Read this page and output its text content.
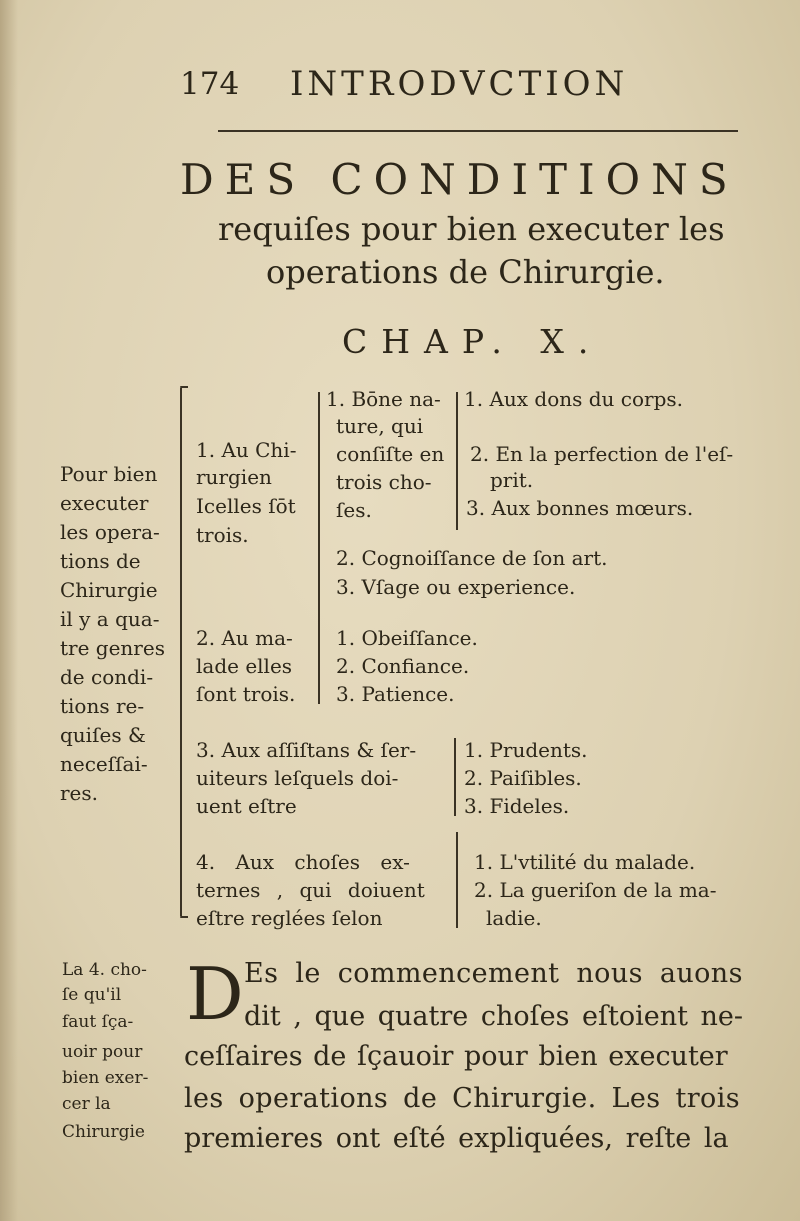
174 INTRODVCTION
DES CONDITIONS
requiſes pour bien executer les
operations de Chirurgie.
CHAP. X.
Pour bien
executer
les opera-
tions de
Chirurgie
il y a qua-
tre genres
de condi-
tions re-
quiſes &
neceſſai-
res.
1. Au Chi-
rurgien
Icelles ſōt
trois.
1. Bōne na-
ture, qui
conſiſte en
trois cho-
ſes.
1. Aux dons du corps.
2. En la perfection de l'eſ-
prit.
3. Aux bonnes mœurs.
2. Cognoiſſance de ſon art.
3. Vſage ou experience.
2. Au ma-
lade elles
ſont trois.
1. Obeiſſance.
2. Confiance.
3. Patience.
3. Aux aſſiſtans & ſer-
uiteurs leſquels doi-
uent eſtre
1. Prudents.
2. Paiſibles.
3. Fideles.
4. Aux choſes ex-
ternes , qui doiuent
eſtre reglées ſelon
1. L'vtilité du malade.
2. La gueriſon de la ma-
ladie.
La 4. cho-
ſe qu'il
faut ſça-
uoir pour
bien exer-
cer la
Chirurgie
D Es le commencement nous auons
dit , que quatre choſes eſtoient ne-
ceſſaires de ſçauoir pour bien executer
les operations de Chirurgie. Les trois
premieres ont eſté expliquées, reſte la
